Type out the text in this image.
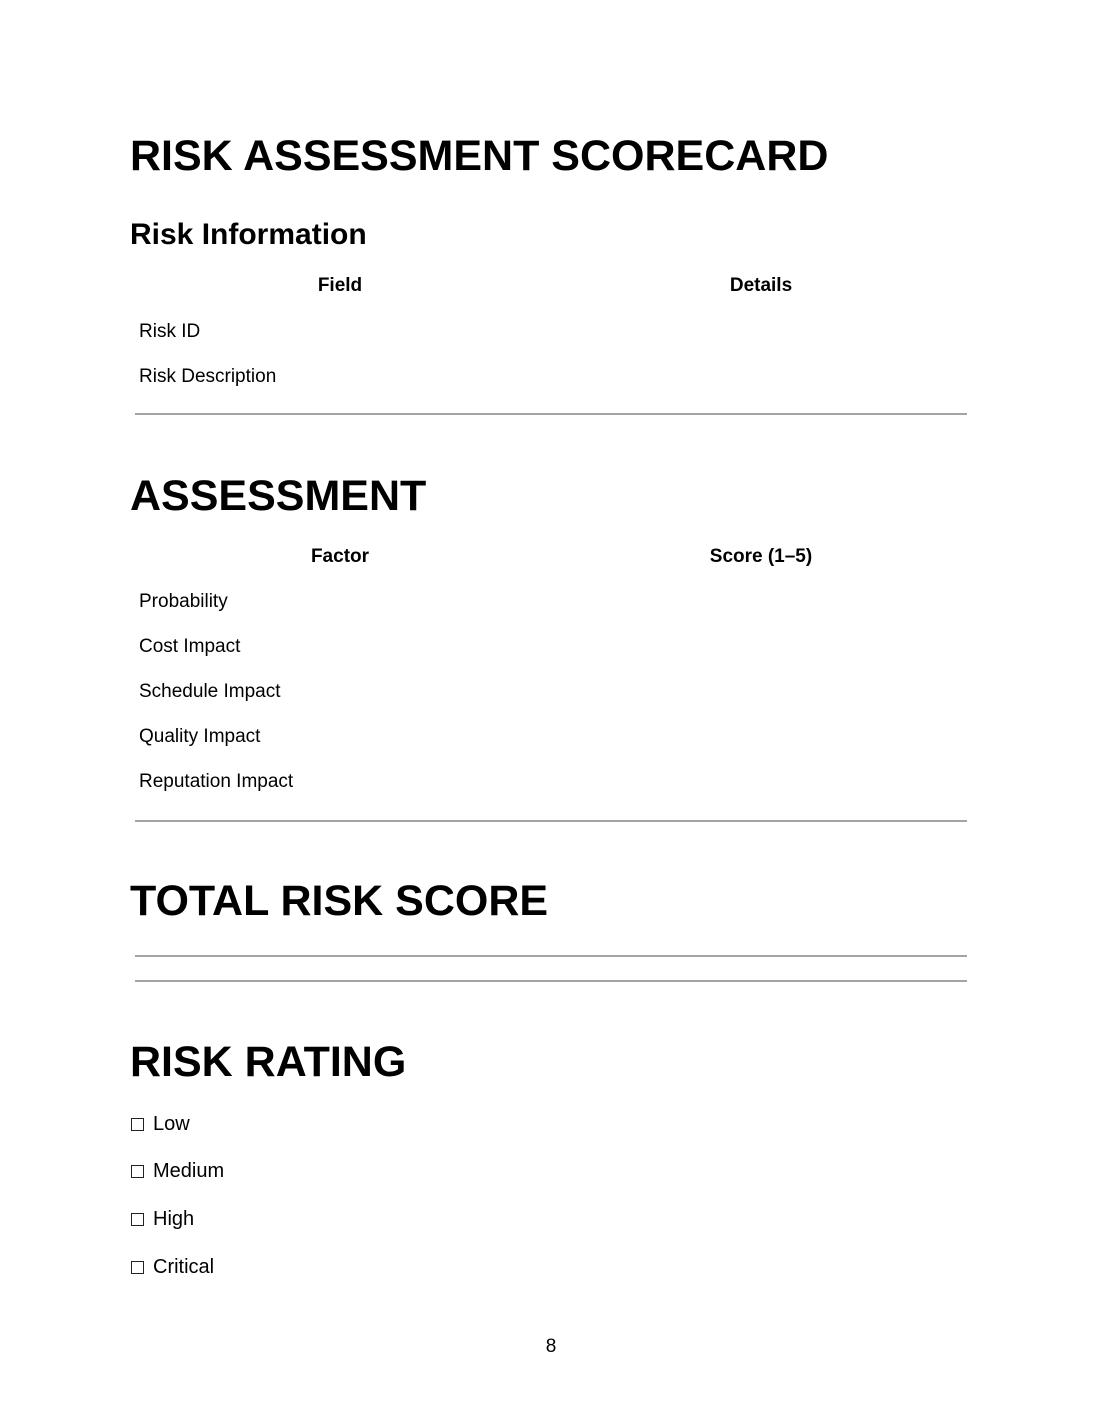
RISK ASSESSMENT SCORECARD
Risk Information
Field	Details
Risk ID
Risk Description
ASSESSMENT
Factor	Score (1–5)
Probability
Cost Impact
Schedule Impact
Quality Impact
Reputation Impact
TOTAL RISK SCORE
RISK RATING
Low
Medium
High
Critical
8
